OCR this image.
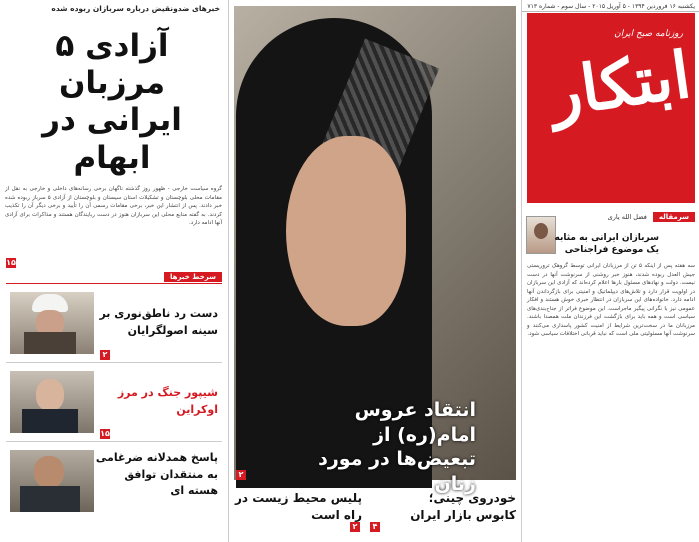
یکشنبه ۱۶ فروردین ۱۳۹۴ - ۵ آوریل ۲۰۱۵ - سال سوم - شماره ۷۱۳
روزنامه صبح ایران
ابتکار
سرمقاله
فضل الله یاری
سربازان ایرانی به مثابه یک موضوع فراجناحی
سه هفته پس از اینکه ۵ تن از مرزبانان ایرانی توسط گروهک تروریستی جیش العدل ربوده شدند، هنوز خبر روشنی از سرنوشت آنها در دست نیست. دولت و نهادهای مسئول بارها اعلام کرده‌اند که آزادی این سربازان در اولویت قرار دارد و تلاش‌های دیپلماتیک و امنیتی برای بازگرداندن آنها ادامه دارد. خانواده‌های این سربازان در انتظار خبری خوش هستند و افکار عمومی نیز با نگرانی پیگیر ماجراست. این موضوع فراتر از جناح‌بندی‌های سیاسی است و همه باید برای بازگشت این فرزندان ملت همصدا باشند. مرزبانان ما در سخت‌ترین شرایط از امنیت کشور پاسداری می‌کنند و سرنوشت آنها مسئولیتی ملی است که نباید قربانی اختلافات سیاسی شود.
انتقاد عروس امام(ره) از تبعیض‌ها در مورد زنان
۲
خودروی چینی؛ کابوس بازار ایران
۴
پلیس محیط زیست در راه است
۲
خبرهای ضدونقیض درباره سربازان ربوده شده
آزادی ۵ مرزبان ایرانی در ابهام
گروه سیاست خارجی - ظهور روز گذشته ناگهان برخی رسانه‌های داخلی و خارجی به نقل از مقامات محلی بلوچستان و تشکیلات استان سیستان و بلوچستان از آزادی ۵ سرباز ربوده شده خبر دادند. پس از انتشار این خبر، برخی مقامات رسمی آن را تأیید و برخی دیگر آن را تکذیب کردند. به گفته منابع محلی این سربازان هنوز در دست ربایندگان هستند و مذاکرات برای آزادی آنها ادامه دارد.
۱۵
سرخط خبرها
دست رد ناطق‌نوری بر سینه اصولگرایان
۲
شیپور جنگ در مرز اوکراین
۱۵
پاسخ همدلانه ضرغامی به منتقدان توافق هسته ای
